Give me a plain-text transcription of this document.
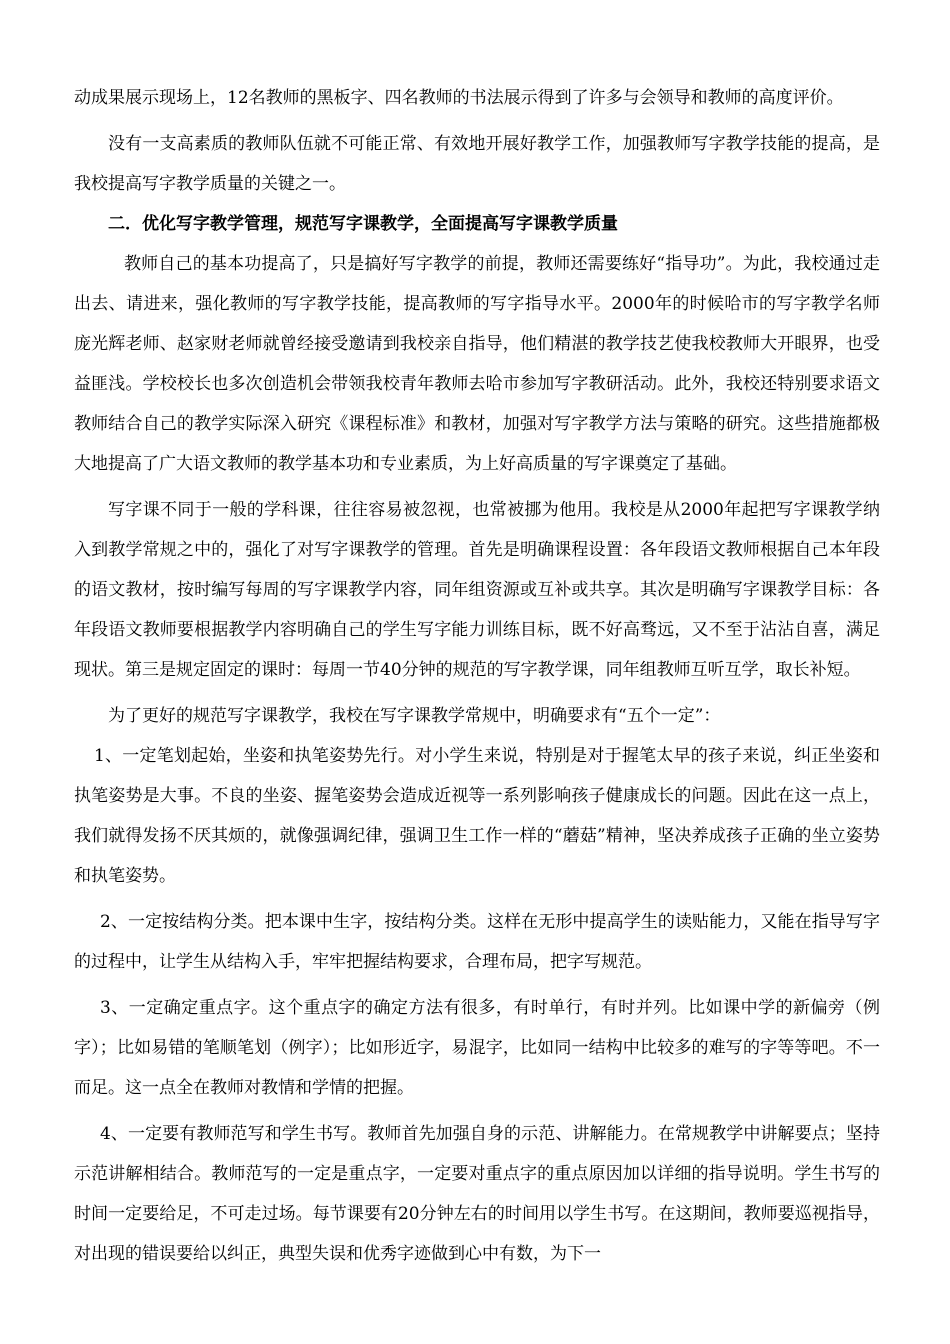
动成果展示现场上，12名教师的黑板字、四名教师的书法展示得到了许多与会领导和教师的高度评价。

没有一支高素质的教师队伍就不可能正常、有效地开展好教学工作，加强教师写字教学技能的提高，是我校提高写字教学质量的关键之一。

二．优化写字教学管理，规范写字课教学，全面提高写字课教学质量

教师自己的基本功提高了，只是搞好写字教学的前提，教师还需要练好“指导功”。为此，我校通过走出去、请进来，强化教师的写字教学技能，提高教师的写字指导水平。2000年的时候哈市的写字教学名师庞光辉老师、赵家财老师就曾经接受邀请到我校亲自指导，他们精湛的教学技艺使我校教师大开眼界，也受益匪浅。学校校长也多次创造机会带领我校青年教师去哈市参加写字教研活动。此外，我校还特别要求语文教师结合自己的教学实际深入研究《课程标准》和教材，加强对写字教学方法与策略的研究。这些措施都极大地提高了广大语文教师的教学基本功和专业素质，为上好高质量的写字课奠定了基础。

写字课不同于一般的学科课，往往容易被忽视，也常被挪为他用。我校是从2000年起把写字课教学纳入到教学常规之中的，强化了对写字课教学的管理。首先是明确课程设置：各年段语文教师根据自己本年段的语文教材，按时编写每周的写字课教学内容，同年组资源或互补或共享。其次是明确写字课教学目标：各年段语文教师要根据教学内容明确自己的学生写字能力训练目标，既不好高骛远，又不至于沾沾自喜，满足现状。第三是规定固定的课时：每周一节40分钟的规范的写字教学课，同年组教师互听互学，取长补短。

为了更好的规范写字课教学，我校在写字课教学常规中，明确要求有“五个一定”：

1、一定笔划起始，坐姿和执笔姿势先行。对小学生来说，特别是对于握笔太早的孩子来说，纠正坐姿和执笔姿势是大事。不良的坐姿、握笔姿势会造成近视等一系列影响孩子健康成长的问题。因此在这一点上，我们就得发扬不厌其烦的，就像强调纪律，强调卫生工作一样的“蘑菇”精神，坚决养成孩子正确的坐立姿势和执笔姿势。

2、一定按结构分类。把本课中生字，按结构分类。这样在无形中提高学生的读贴能力，又能在指导写字的过程中，让学生从结构入手，牢牢把握结构要求，合理布局，把字写规范。

3、一定确定重点字。这个重点字的确定方法有很多，有时单行，有时并列。比如课中学的新偏旁（例字）；比如易错的笔顺笔划（例字）；比如形近字，易混字，比如同一结构中比较多的难写的字等等吧。不一而足。这一点全在教师对教情和学情的把握。

4、一定要有教师范写和学生书写。教师首先加强自身的示范、讲解能力。在常规教学中讲解要点；坚持示范讲解相结合。教师范写的一定是重点字，一定要对重点字的重点原因加以详细的指导说明。学生书写的时间一定要给足，不可走过场。每节课要有20分钟左右的时间用以学生书写。在这期间，教师要巡视指导，对出现的错误要给以纠正，典型失误和优秀字迹做到心中有数，为下一
